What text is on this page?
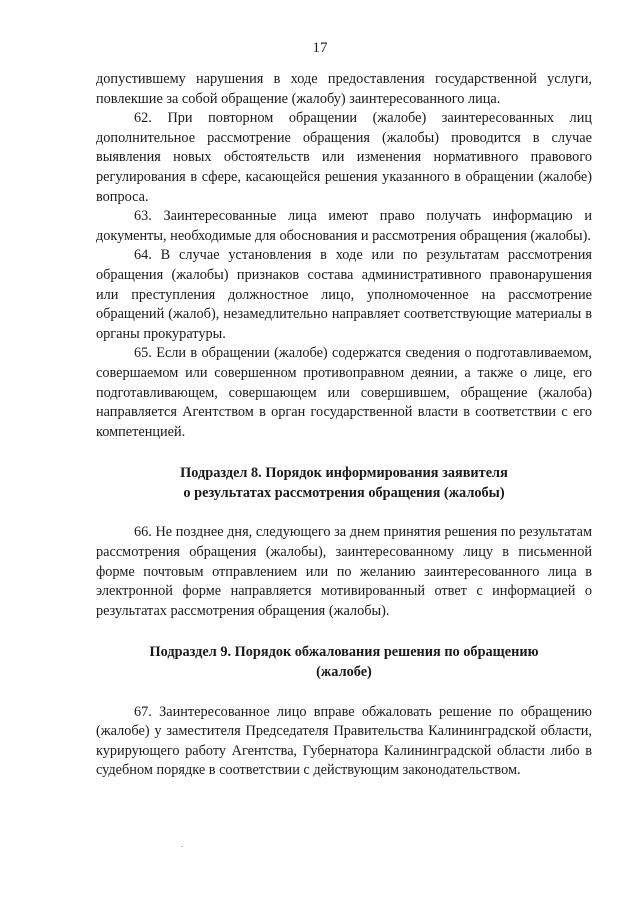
17

допустившему нарушения в ходе предоставления государственной услуги, повлекшие за собой обращение (жалобу) заинтересованного лица.

62. При повторном обращении (жалобе) заинтересованных лиц дополнительное рассмотрение обращения (жалобы) проводится в случае выявления новых обстоятельств или изменения нормативного правового регулирования в сфере, касающейся решения указанного в обращении (жалобе) вопроса.

63. Заинтересованные лица имеют право получать информацию и документы, необходимые для обоснования и рассмотрения обращения (жалобы).

64. В случае установления в ходе или по результатам рассмотрения обращения (жалобы) признаков состава административного правонарушения или преступления должностное лицо, уполномоченное на рассмотрение обращений (жалоб), незамедлительно направляет соответствующие материалы в органы прокуратуры.

65. Если в обращении (жалобе) содержатся сведения о подготавливаемом, совершаемом или совершенном противоправном деянии, а также о лице, его подготавливающем, совершающем или совершившем, обращение (жалоба) направляется Агентством в орган государственной власти в соответствии с его компетенцией.

Подраздел 8. Порядок информирования заявителя

о результатах рассмотрения обращения (жалобы)

66. Не позднее дня, следующего за днем принятия решения по результатам рассмотрения обращения (жалобы), заинтересованному лицу в письменной форме почтовым отправлением или по желанию заинтересованного лица в электронной форме направляется мотивированный ответ с информацией о результатах рассмотрения обращения (жалобы).

Подраздел 9. Порядок обжалования решения по обращению

(жалобе)

67. Заинтересованное лицо вправе обжаловать решение по обращению (жалобе) у заместителя Председателя Правительства Калининградской области, курирующего работу Агентства, Губернатора Калининградской области либо в судебном порядке в соответствии с действующим законодательством.
